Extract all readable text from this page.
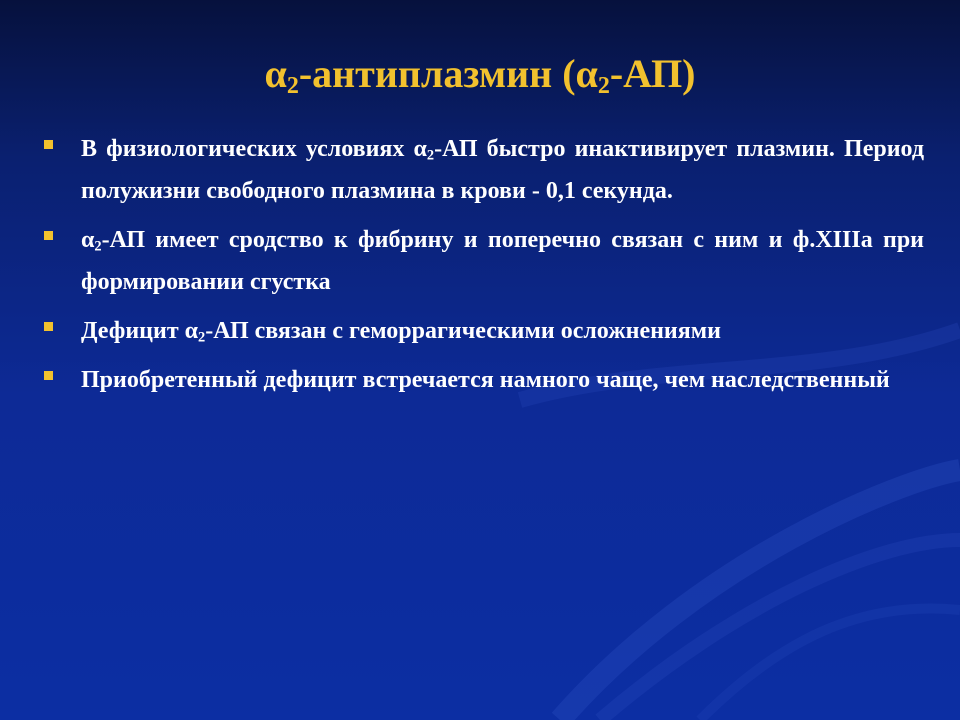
$\alpha_2$-антиплазмин $(\alpha_2-АП)$
В физиологических условиях $\alpha_2-АП$ быстро инактивирует плазмин. Период полужизни свободного плазмина в крови - 0,1 секунда.
$\alpha_2-АП$ имеет сродство к фибрину и поперечно связан с ним и ф.XIIIa при формировании сгустка
Дефицит $\alpha_2-АП$ связан с геморрагическими осложнениями
Приобретенный дефицит встречается намного чаще, чем наследственный
